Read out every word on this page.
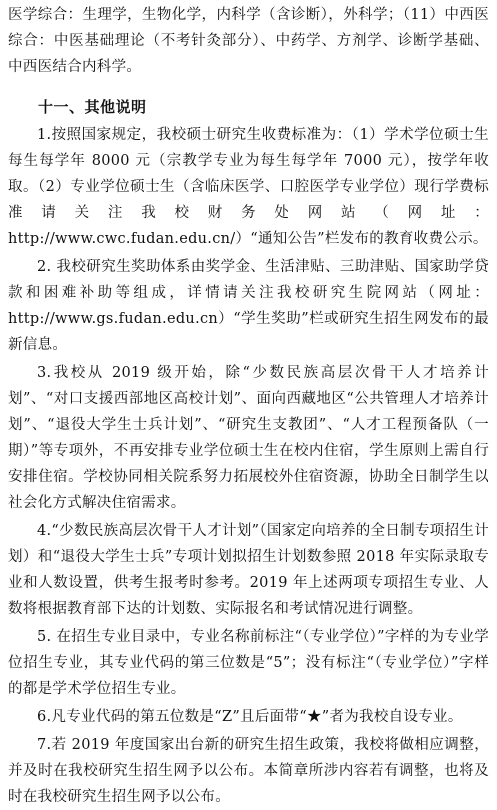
医学综合：生理学，生物化学，内科学（含诊断），外科学；（11）中西医综合：中医基础理论（不考针灸部分）、中药学、方剂学、诊断学基础、中西医结合内科学。

十一、其他说明

1.按照国家规定，我校硕士研究生收费标准为：（1）学术学位硕士生每生每学年 8000 元（宗教学专业为每生每学年 7000 元），按学年收取。（2）专业学位硕士生（含临床医学、口腔医学专业学位）现行学费标准请关注我校财务处网站（网址：http://www.cwc.fudan.edu.cn/）“通知公告”栏发布的教育收费公示。

2. 我校研究生奖助体系由奖学金、生活津贴、三助津贴、国家助学贷款和困难补助等组成，详情请关注我校研究生院网站（网址：http://www.gs.fudan.edu.cn）“学生奖助”栏或研究生招生网发布的最新信息。

3.我校从 2019 级开始，除“少数民族高层次骨干人才培养计划”、“对口支援西部地区高校计划”、面向西藏地区“公共管理人才培养计划”、“退役大学生士兵计划”、“研究生支教团”、“人才工程预备队（一期）”等专项外，不再安排专业学位硕士生在校内住宿，学生原则上需自行安排住宿。学校协同相关院系努力拓展校外住宿资源，协助全日制学生以社会化方式解决住宿需求。

4.“少数民族高层次骨干人才计划”（国家定向培养的全日制专项招生计划）和“退役大学生士兵”专项计划拟招生计划数参照 2018 年实际录取专业和人数设置，供考生报考时参考。2019 年上述两项专项招生专业、人数将根据教育部下达的计划数、实际报名和考试情况进行调整。

5. 在招生专业目录中，专业名称前标注“（专业学位）”字样的为专业学位招生专业，其专业代码的第三位数是“5”；没有标注“（专业学位）”字样的都是学术学位招生专业。

6.凡专业代码的第五位数是“Z”且后面带“★”者为我校自设专业。

7.若 2019 年度国家出台新的研究生招生政策，我校将做相应调整，并及时在我校研究生招生网予以公布。本简章所涉内容若有调整，也将及时在我校研究生招生网予以公布。
